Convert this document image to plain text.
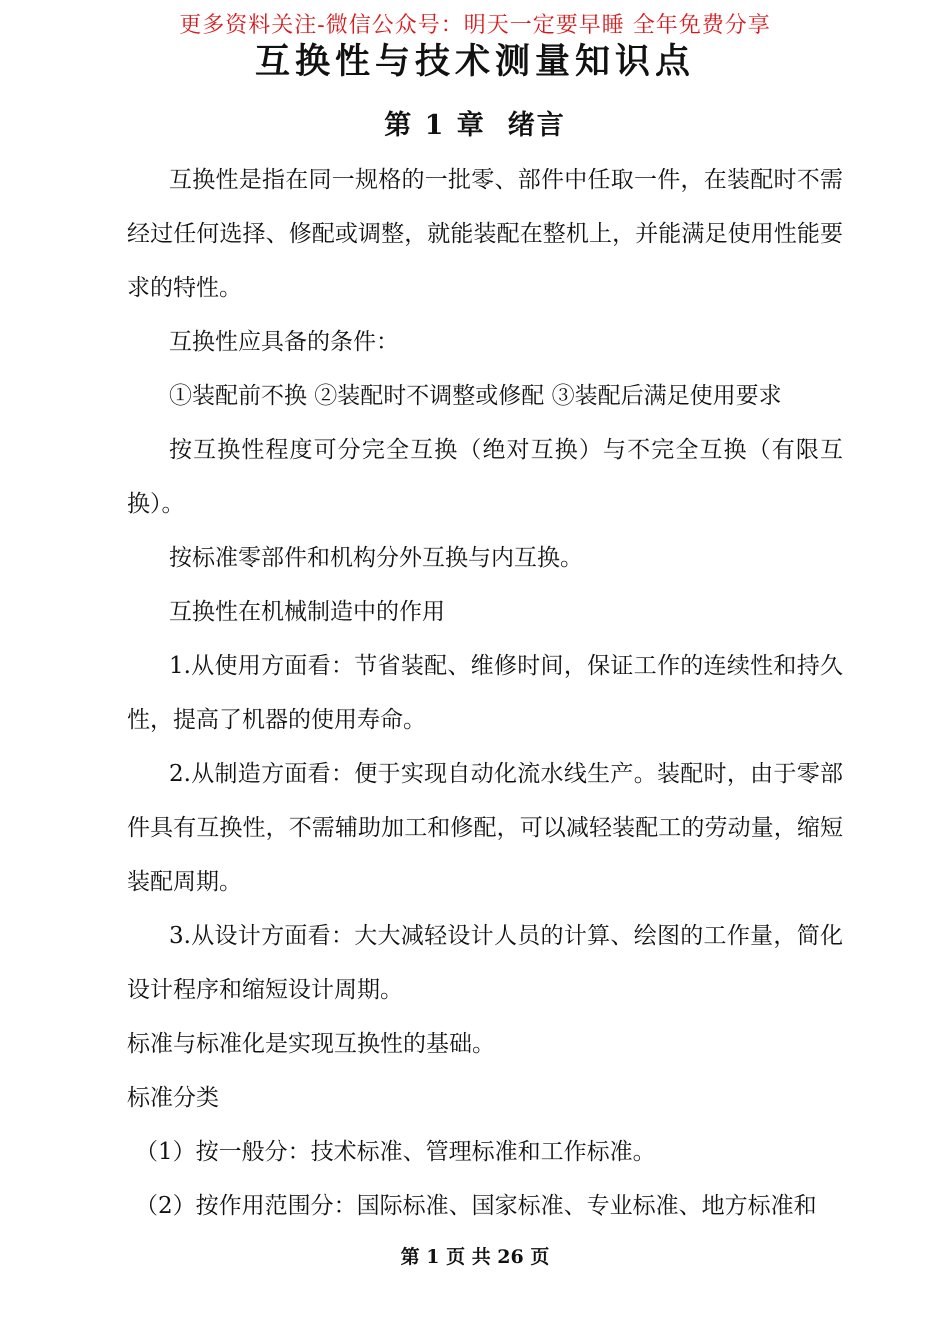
更多资料关注-微信公众号：明天一定要早睡 全年免费分享
互换性与技术测量知识点
第 1 章 绪言

互换性是指在同一规格的一批零、部件中任取一件，在装配时不需经过任何选择、修配或调整，就能装配在整机上，并能满足使用性能要求的特性。

互换性应具备的条件：

①装配前不换 ②装配时不调整或修配 ③装配后满足使用要求

按互换性程度可分完全互换（绝对互换）与不完全互换（有限互换）。

按标准零部件和机构分外互换与内互换。

互换性在机械制造中的作用

1.从使用方面看：节省装配、维修时间，保证工作的连续性和持久性，提高了机器的使用寿命。

2.从制造方面看：便于实现自动化流水线生产。装配时，由于零部件具有互换性，不需辅助加工和修配，可以减轻装配工的劳动量，缩短装配周期。

3.从设计方面看：大大减轻设计人员的计算、绘图的工作量，简化设计程序和缩短设计周期。

标准与标准化是实现互换性的基础。

标准分类

（1）按一般分：技术标准、管理标准和工作标准。

（2）按作用范围分：国际标准、国家标准、专业标准、地方标准和

第 1 页 共 26 页
